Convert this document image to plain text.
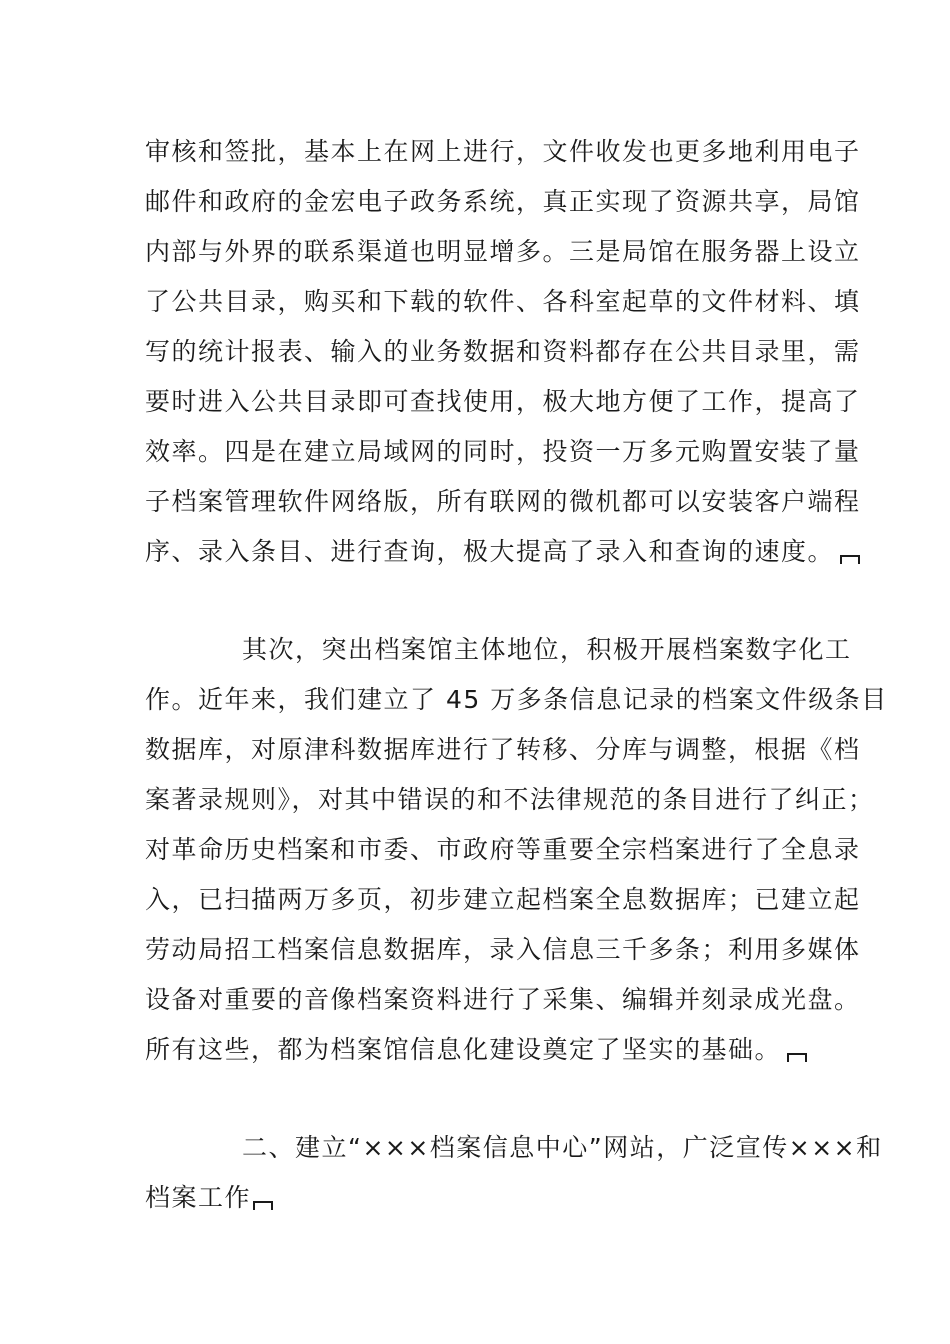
审核和签批，基本上在网上进行，文件收发也更多地利用电子
邮件和政府的金宏电子政务系统，真正实现了资源共享，局馆
内部与外界的联系渠道也明显增多。三是局馆在服务器上设立
了公共目录，购买和下载的软件、各科室起草的文件材料、填
写的统计报表、输入的业务数据和资料都存在公共目录里，需
要时进入公共目录即可查找使用，极大地方便了工作，提高了
效率。四是在建立局域网的同时，投资一万多元购置安装了量
子档案管理软件网络版，所有联网的微机都可以安装客户端程
序、录入条目、进行查询，极大提高了录入和查询的速度。
其次，突出档案馆主体地位，积极开展档案数字化工
作。近年来，我们建立了 45 万多条信息记录的档案文件级条目
数据库，对原津科数据库进行了转移、分库与调整，根据《档
案著录规则》，对其中错误的和不法律规范的条目进行了纠正；
对革命历史档案和市委、市政府等重要全宗档案进行了全息录
入，已扫描两万多页，初步建立起档案全息数据库；已建立起
劳动局招工档案信息数据库，录入信息三千多条；利用多媒体
设备对重要的音像档案资料进行了采集、编辑并刻录成光盘。
所有这些，都为档案馆信息化建设奠定了坚实的基础。
二、建立“×××档案信息中心”网站，广泛宣传×××和
档案工作
